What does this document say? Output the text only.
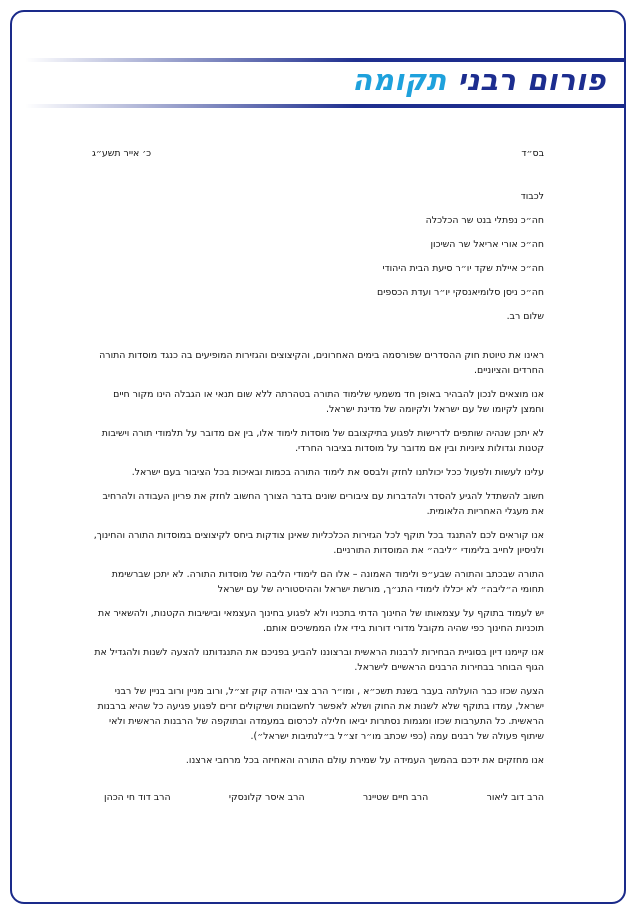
פורום רבני תקומה
בס״ד
כ׳ אייר תשע״ג
לכבוד
חה״כ נפתלי בנט שר הכלכלה
חה״כ אורי אריאל שר השיכון
חה״כ איילת שקד יו״ר סיעת הבית היהודי
חה״כ ניסן סלומיאנסקי יו״ר ועדת הכספים
שלום רב.

ראינו את טיוטת חוק ההסדרים שפורסמה בימים האחרונים, והקיצוצים והגזירות המופיעים בה כנגד מוסדות התורה החרדים והציוניים.

אנו מוצאים לנכון להבהיר באופן חד משמעי שלימוד התורה בטהרתה ללא שום תנאי או הגבלה הינו מקור חיים וחמצן לקיומו של עם ישראל ולקיומה של מדינת ישראל.

לא יתכן שנהיה שותפים לדרישות לפגוע בתיקצובם של מוסדות לימוד אלו, בין אם מדובר על תלמודי תורה וישיבות קטנות וגדולות ציוניות ובין אם מדובר על מוסדות בציבור החרדי.

עלינו לעשות ולפעול ככל יכולתנו לחזק ולבסס את לימוד התורה בכמות ובאיכות בכל הציבור בעם ישראל.

חשוב להשתדל להגיע להסדר ולהדברות עם ציבורים שונים בדבר הצורך החשוב לחזק את פריון העבודה ולהרחיב את מעגלי האחריות הלאומית.

אנו קוראים לכם להתנגד בכל תוקף לכל הגזירות הכלכליות שאינן צודקות ביחס לקיצוצים במוסדות התורה והחינוך, ולניסיון לחייב בלימודי ״ליבה״ את המוסדות התורניים.

התורה שבכתב והתורה שבע״פ ולימוד האמונה – אלו הם לימודי הליבה של מוסדות התורה. לא יתכן שברשימת תחומי ה״ליבה״ לא יכללו לימודי התנ״ך, מורשת ישראל וההיסטוריה של עם ישראל

יש לעמוד בתוקף על עצמאותו של החינוך הדתי בתכניו ולא לפגוע בחינוך העצמאי ובישיבות הקטנות, ולהשאיר את תוכניות החינוך כפי שהיה מקובל מדורי דורות בידי אלו הממשיכים אותם.

אנו קיימנו דיון בסוגיית הבחירות לרבנות הראשית וברצוננו להביע בפניכם את התנגדותנו להצעה לשנות ולהגדיל את הגוף הבוחר בבחירות הרבנים הראשיים לישראל.

הצעה שכזו כבר הועלתה בעבר בשנת תשכ״א , ומו״ר הרב צבי יהודה קוק זצ״ל, ורוב מניין ורוב בניין של רבני ישראל, עמדו בתוקף שלא לשנות את החוק ושלא לאפשר לחשבונות ושיקולים זרים לפגוע פגיעה כל שהיא ברבנות הראשית. כל התערבות שכזו ומגמות נסתרות יביאו חלילה לכרסום במעמדה ובתוקפה של הרבנות הראשית ולאי שיתוף פעולה של רבנים עמה (כפי שכתב מו״ר זצ״ל ב״לנתיבות ישראל״).

אנו מחזקים את ידכם בהמשך העמידה על שמירת עולם התורה והאחיזה בכל מרחבי ארצנו.

הרב דוב ליאור
הרב חיים שטיינר
הרב איסר קלונסקי
הרב דוד חי הכהן
